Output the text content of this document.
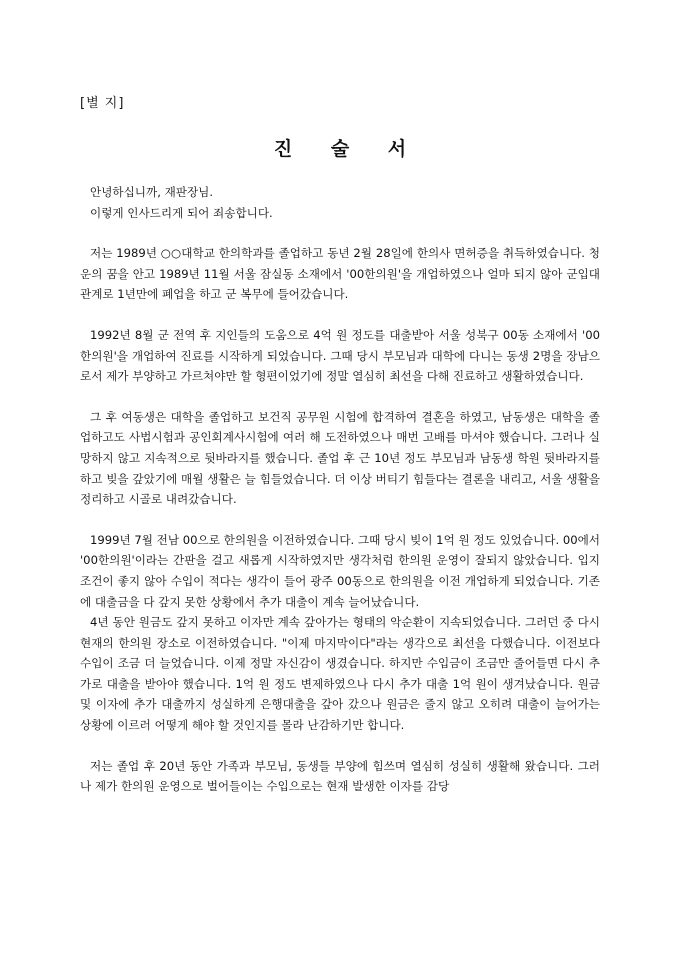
[별 지]
진 술 서

안녕하십니까, 재판장님.

이렇게 인사드리게 되어 죄송합니다.

저는 1989년 ○○대학교 한의학과를 졸업하고 동년 2월 28일에 한의사 면허증을 취득하였습니다. 청운의 꿈을 안고 1989년 11월 서울 잠실동 소재에서 '00한의원'을 개업하였으나 얼마 되지 않아 군입대관계로 1년만에 폐업을 하고 군 복무에 들어갔습니다.

1992년 8월 군 전역 후 지인들의 도움으로 4억 원 정도를 대출받아 서울 성북구 00동 소재에서 '00한의원'을 개업하여 진료를 시작하게 되었습니다. 그때 당시 부모님과 대학에 다니는 동생 2명을 장남으로서 제가 부양하고 가르쳐야만 할 형편이었기에 정말 열심히 최선을 다해 진료하고 생활하였습니다.

그 후 여동생은 대학을 졸업하고 보건직 공무원 시험에 합격하여 결혼을 하였고, 남동생은 대학을 졸업하고도 사법시험과 공인회계사시험에 여러 해 도전하였으나 매번 고배를 마셔야 했습니다. 그러나 실망하지 않고 지속적으로 뒷바라지를 했습니다. 졸업 후 근 10년 정도 부모님과 남동생 학원 뒷바라지를 하고 빚을 갚았기에 매월 생활은 늘 힘들었습니다. 더 이상 버티기 힘들다는 결론을 내리고, 서울 생활을 정리하고 시골로 내려갔습니다.

1999년 7월 전남 00으로 한의원을 이전하였습니다. 그때 당시 빚이 1억 원 정도 있었습니다. 00에서 '00한의원'이라는 간판을 걸고 새롭게 시작하였지만 생각처럼 한의원 운영이 잘되지 않았습니다. 입지조건이 좋지 않아 수입이 적다는 생각이 들어 광주 00동으로 한의원을 이전 개업하게 되었습니다. 기존에 대출금을 다 갚지 못한 상황에서 추가 대출이 계속 늘어났습니다.

4년 동안 원금도 갚지 못하고 이자만 계속 갚아가는 형태의 악순환이 지속되었습니다. 그러던 중 다시 현재의 한의원 장소로 이전하였습니다. "이제 마지막이다"라는 생각으로 최선을 다했습니다. 이전보다 수입이 조금 더 늘었습니다. 이제 정말 자신감이 생겼습니다. 하지만 수입금이 조금만 줄어들면 다시 추가로 대출을 받아야 했습니다. 1억 원 정도 변제하였으나 다시 추가 대출 1억 원이 생겨났습니다. 원금 및 이자에 추가 대출까지 성실하게 은행대출을 갚아 갔으나 원금은 줄지 않고 오히려 대출이 늘어가는 상황에 이르러 어떻게 해야 할 것인지를 몰라 난감하기만 합니다.

저는 졸업 후 20년 동안 가족과 부모님, 동생들 부양에 힘쓰며 열심히 성실히 생활해 왔습니다. 그러나 제가 한의원 운영으로 벌어들이는 수입으로는 현재 발생한 이자를 감당
